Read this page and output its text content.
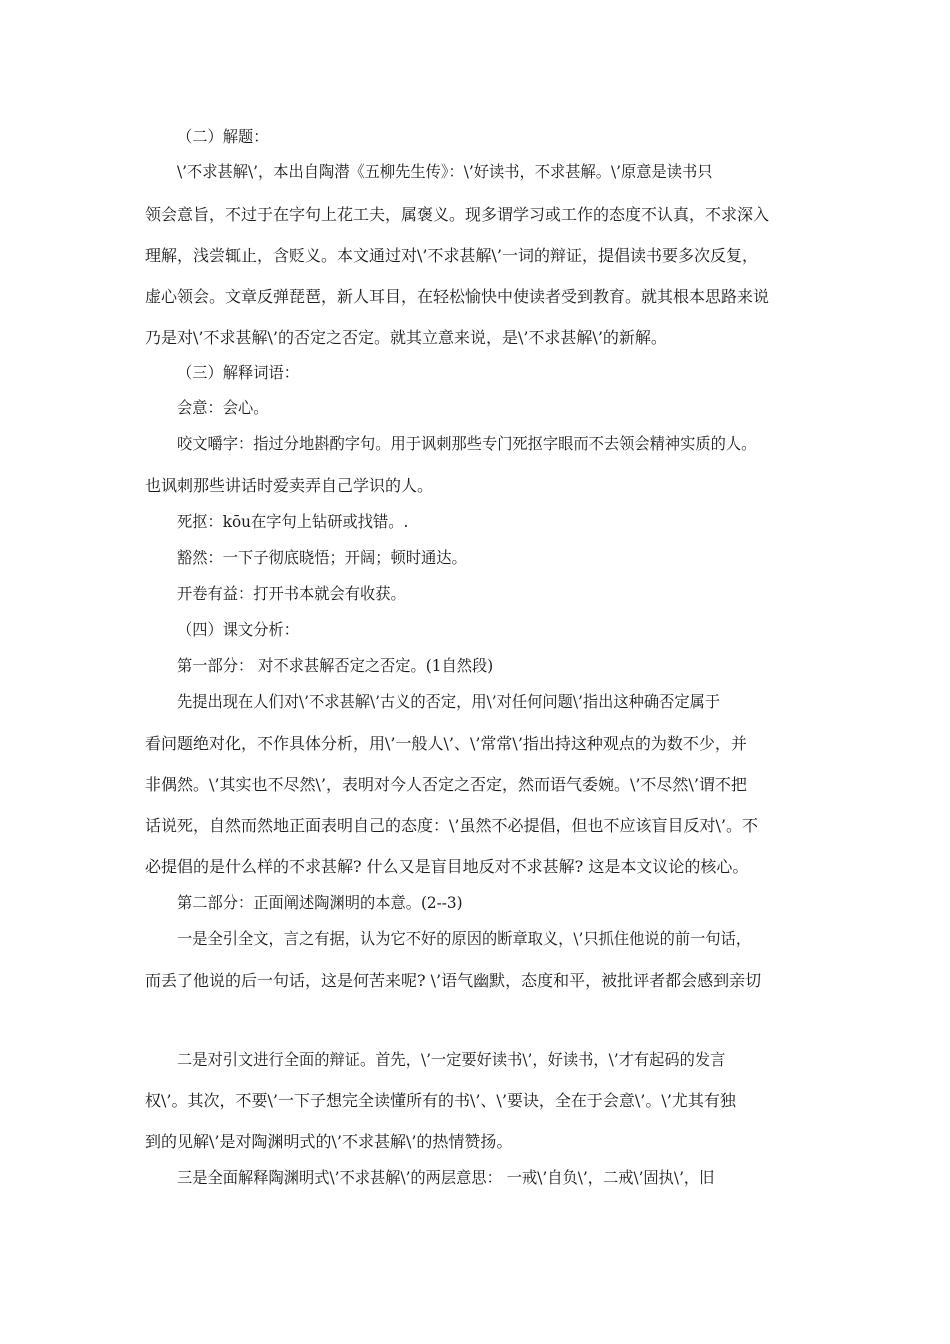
（二）解题：
\’不求甚解\’，本出自陶潜《五柳先生传》：\’好读书，不求甚解。\’原意是读书只
领会意旨，不过于在字句上花工夫，属褒义。现多谓学习或工作的态度不认真，不求深入
理解，浅尝辄止，含贬义。本文通过对\’不求甚解\’一词的辩证，提倡读书要多次反复，
虚心领会。文章反弹琵琶，新人耳目，在轻松愉快中使读者受到教育。就其根本思路来说
乃是对\’不求甚解\’的否定之否定。就其立意来说，是\’不求甚解\’的新解。
（三）解释词语：
会意：会心。
咬文嚼字：指过分地斟酌字句。用于讽刺那些专门死抠字眼而不去领会精神实质的人。
也讽刺那些讲话时爱卖弄自己学识的人。
死抠：kōu在字句上钻研或找错。.
豁然：一下子彻底晓悟；开阔；顿时通达。
开卷有益：打开书本就会有收获。
（四）课文分析：
第一部分： 对不求甚解否定之否定。(1自然段)
先提出现在人们对\’不求甚解\’古义的否定，用\’对任何问题\’指出这种确否定属于
看问题绝对化，不作具体分析，用\’一般人\’、\’常常\’指出持这种观点的为数不少，并
非偶然。\’其实也不尽然\’，表明对今人否定之否定，然而语气委婉。\’不尽然\’谓不把
话说死，自然而然地正面表明自己的态度：\’虽然不必提倡，但也不应该盲目反对\’。不
必提倡的是什么样的不求甚解? 什么又是盲目地反对不求甚解? 这是本文议论的核心。
第二部分：正面阐述陶渊明的本意。(2--3)
一是全引全文，言之有据，认为它不好的原因的断章取义，\’只抓住他说的前一句话，
而丢了他说的后一句话，这是何苦来呢? \’语气幽默，态度和平，被批评者都会感到亲切
二是对引文进行全面的辩证。首先，\’一定要好读书\’，好读书，\’才有起码的发言
权\’。其次，不要\’一下子想完全读懂所有的书\’、\’要诀，全在于会意\’。\’尤其有独
到的见解\’是对陶渊明式的\’不求甚解\’的热情赞扬。
三是全面解释陶渊明式\’不求甚解\’的两层意思： 一戒\’自负\’，二戒\’固执\’，旧
